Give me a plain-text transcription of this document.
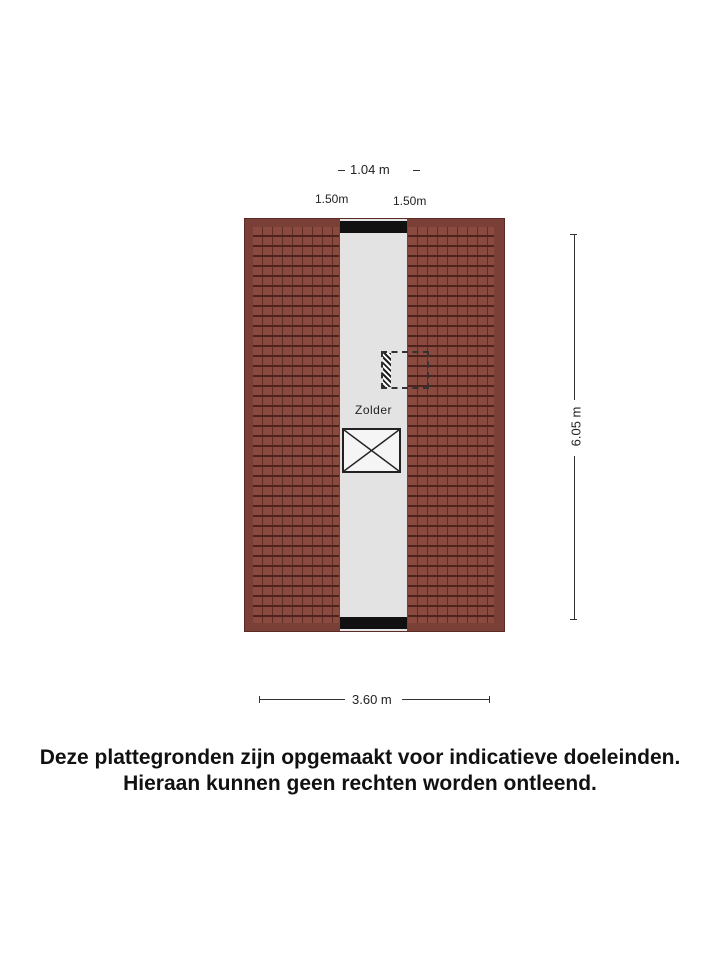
1.04 m
1.50m	1.50m
Zolder	6.05 m
3.60 m
Deze plattegronden zijn opgemaakt voor indicatieve doeleinden.
Hieraan kunnen geen rechten worden ontleend.
